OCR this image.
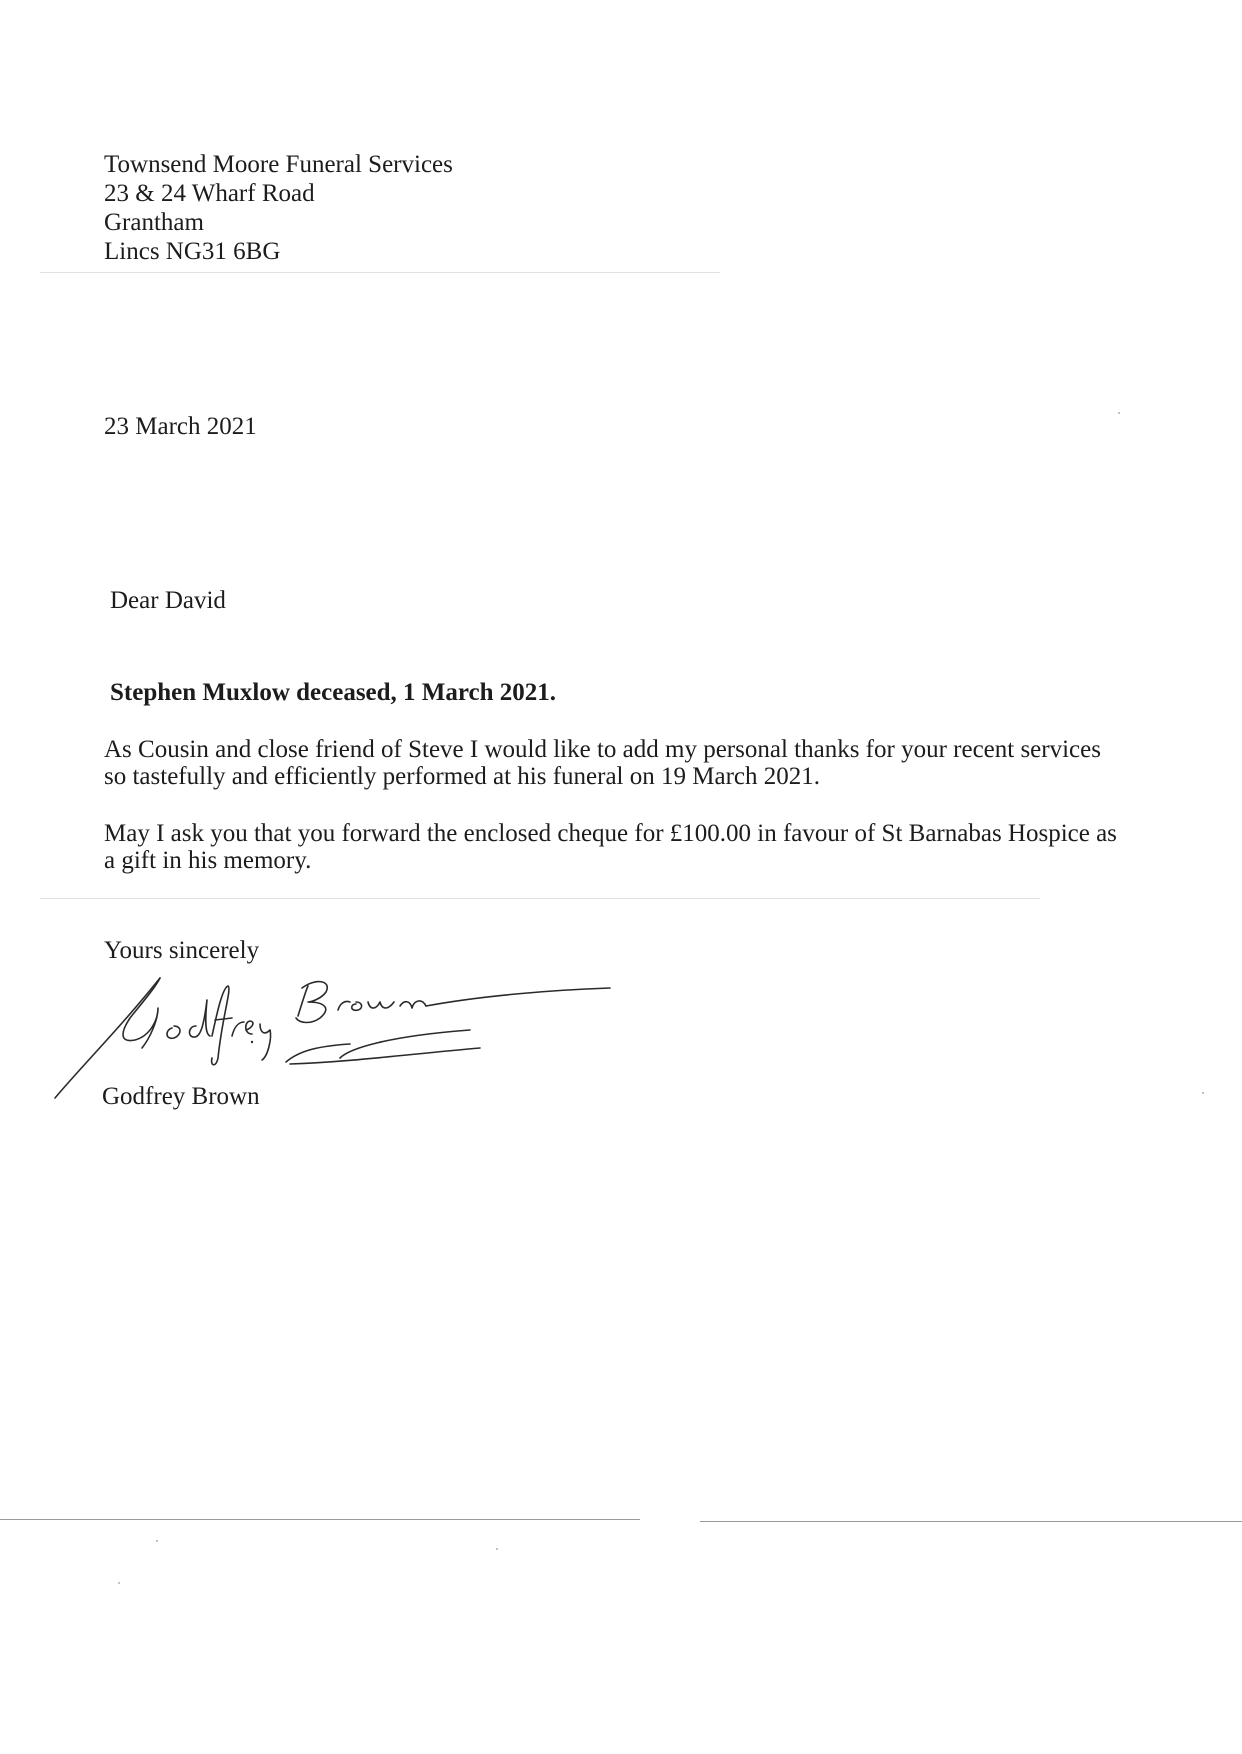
Townsend Moore Funeral Services
23 & 24 Wharf Road
Grantham
Lincs NG31 6BG
23 March 2021
Dear David
Stephen Muxlow deceased, 1 March 2021.
As Cousin and close friend of Steve I would like to add my personal thanks for your recent services
so tastefully and efficiently performed at his funeral on 19 March 2021.
May I ask you that you forward the enclosed cheque for £100.00 in favour of St Barnabas Hospice as
a gift in his memory.
Yours sincerely
Godfrey Brown
